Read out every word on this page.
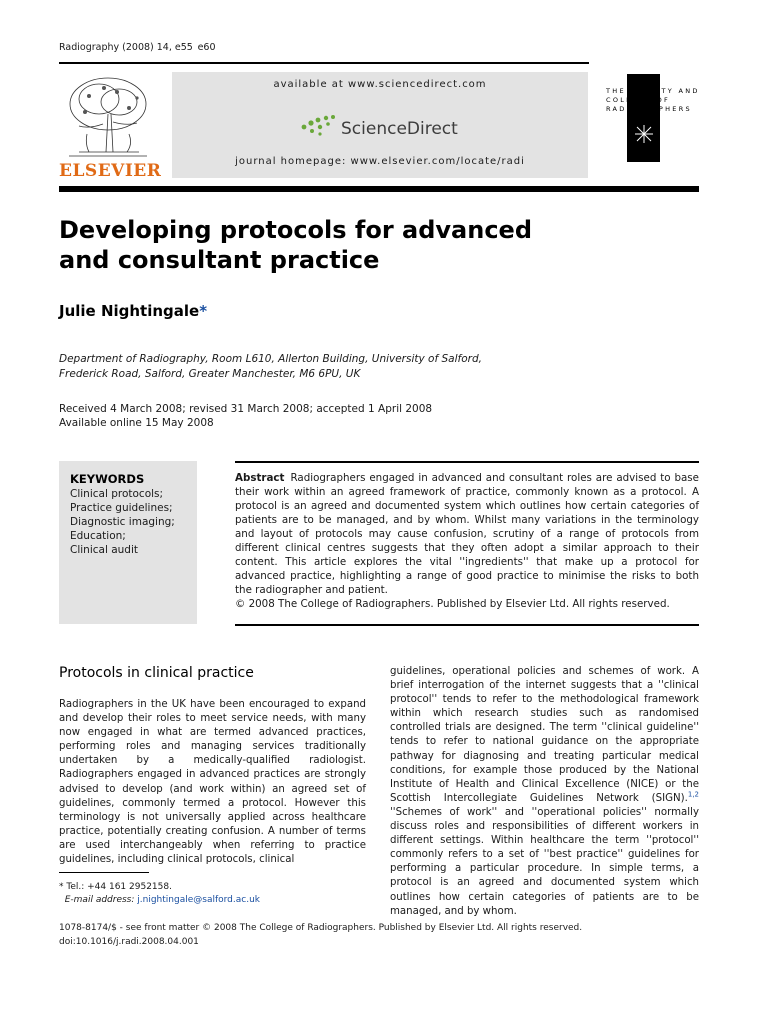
Radiography (2008) 14, e55 e60
ELSEVIER
available at www.sciencedirect.com
ScienceDirect
journal homepage: www.elsevier.com/locate/radi
THE SOCIETY AND
COLLEGE OF
RADIOGRAPHERS
Developing protocols for advanced
and consultant practice
Julie Nightingale*
Department of Radiography, Room L610, Allerton Building, University of Salford,
Frederick Road, Salford, Greater Manchester, M6 6PU, UK
Received 4 March 2008; revised 31 March 2008; accepted 1 April 2008
Available online 15 May 2008
KEYWORDS
Clinical protocols;
Practice guidelines;
Diagnostic imaging;
Education;
Clinical audit
Abstract Radiographers engaged in advanced and consultant roles are advised to base their work within an agreed framework of practice, commonly known as a protocol. A protocol is an agreed and documented system which outlines how certain categories of patients are to be managed, and by whom. Whilst many variations in the terminology and layout of protocols may cause confusion, scrutiny of a range of protocols from different clinical centres suggests that they often adopt a similar approach to their content. This article explores the vital ''ingredients'' that make up a protocol for advanced practice, highlighting a range of good practice to minimise the risks to both the radiographer and patient.
© 2008 The College of Radiographers. Published by Elsevier Ltd. All rights reserved.
Protocols in clinical practice
Radiographers in the UK have been encouraged to expand and develop their roles to meet service needs, with many now engaged in what are termed advanced practices, performing roles and managing services traditionally undertaken by a medically-qualified radiologist. Radiographers engaged in advanced practices are strongly advised to develop (and work within) an agreed set of guidelines, commonly termed a protocol. However this terminology is not universally applied across healthcare practice, potentially creating confusion. A number of terms are used interchangeably when referring to practice guidelines, including clinical protocols, clinical
guidelines, operational policies and schemes of work. A brief interrogation of the internet suggests that a ''clinical protocol'' tends to refer to the methodological framework within which research studies such as randomised controlled trials are designed. The term ''clinical guideline'' tends to refer to national guidance on the appropriate pathway for diagnosing and treating particular medical conditions, for example those produced by the National Institute of Health and Clinical Excellence (NICE) or the Scottish Intercollegiate Guidelines Network (SIGN).$^{1,2}$ ''Schemes of work'' and ''operational policies'' normally discuss roles and responsibilities of different workers in different settings. Within healthcare the term ''protocol'' commonly refers to a set of ''best practice'' guidelines for performing a particular procedure. In simple terms, a protocol is an agreed and documented system which outlines how certain categories of patients are to be managed, and by whom.
* Tel.: +44 161 2952158.
E-mail address: j.nightingale@salford.ac.uk
1078-8174/$ - see front matter © 2008 The College of Radiographers. Published by Elsevier Ltd. All rights reserved.
doi:10.1016/j.radi.2008.04.001
